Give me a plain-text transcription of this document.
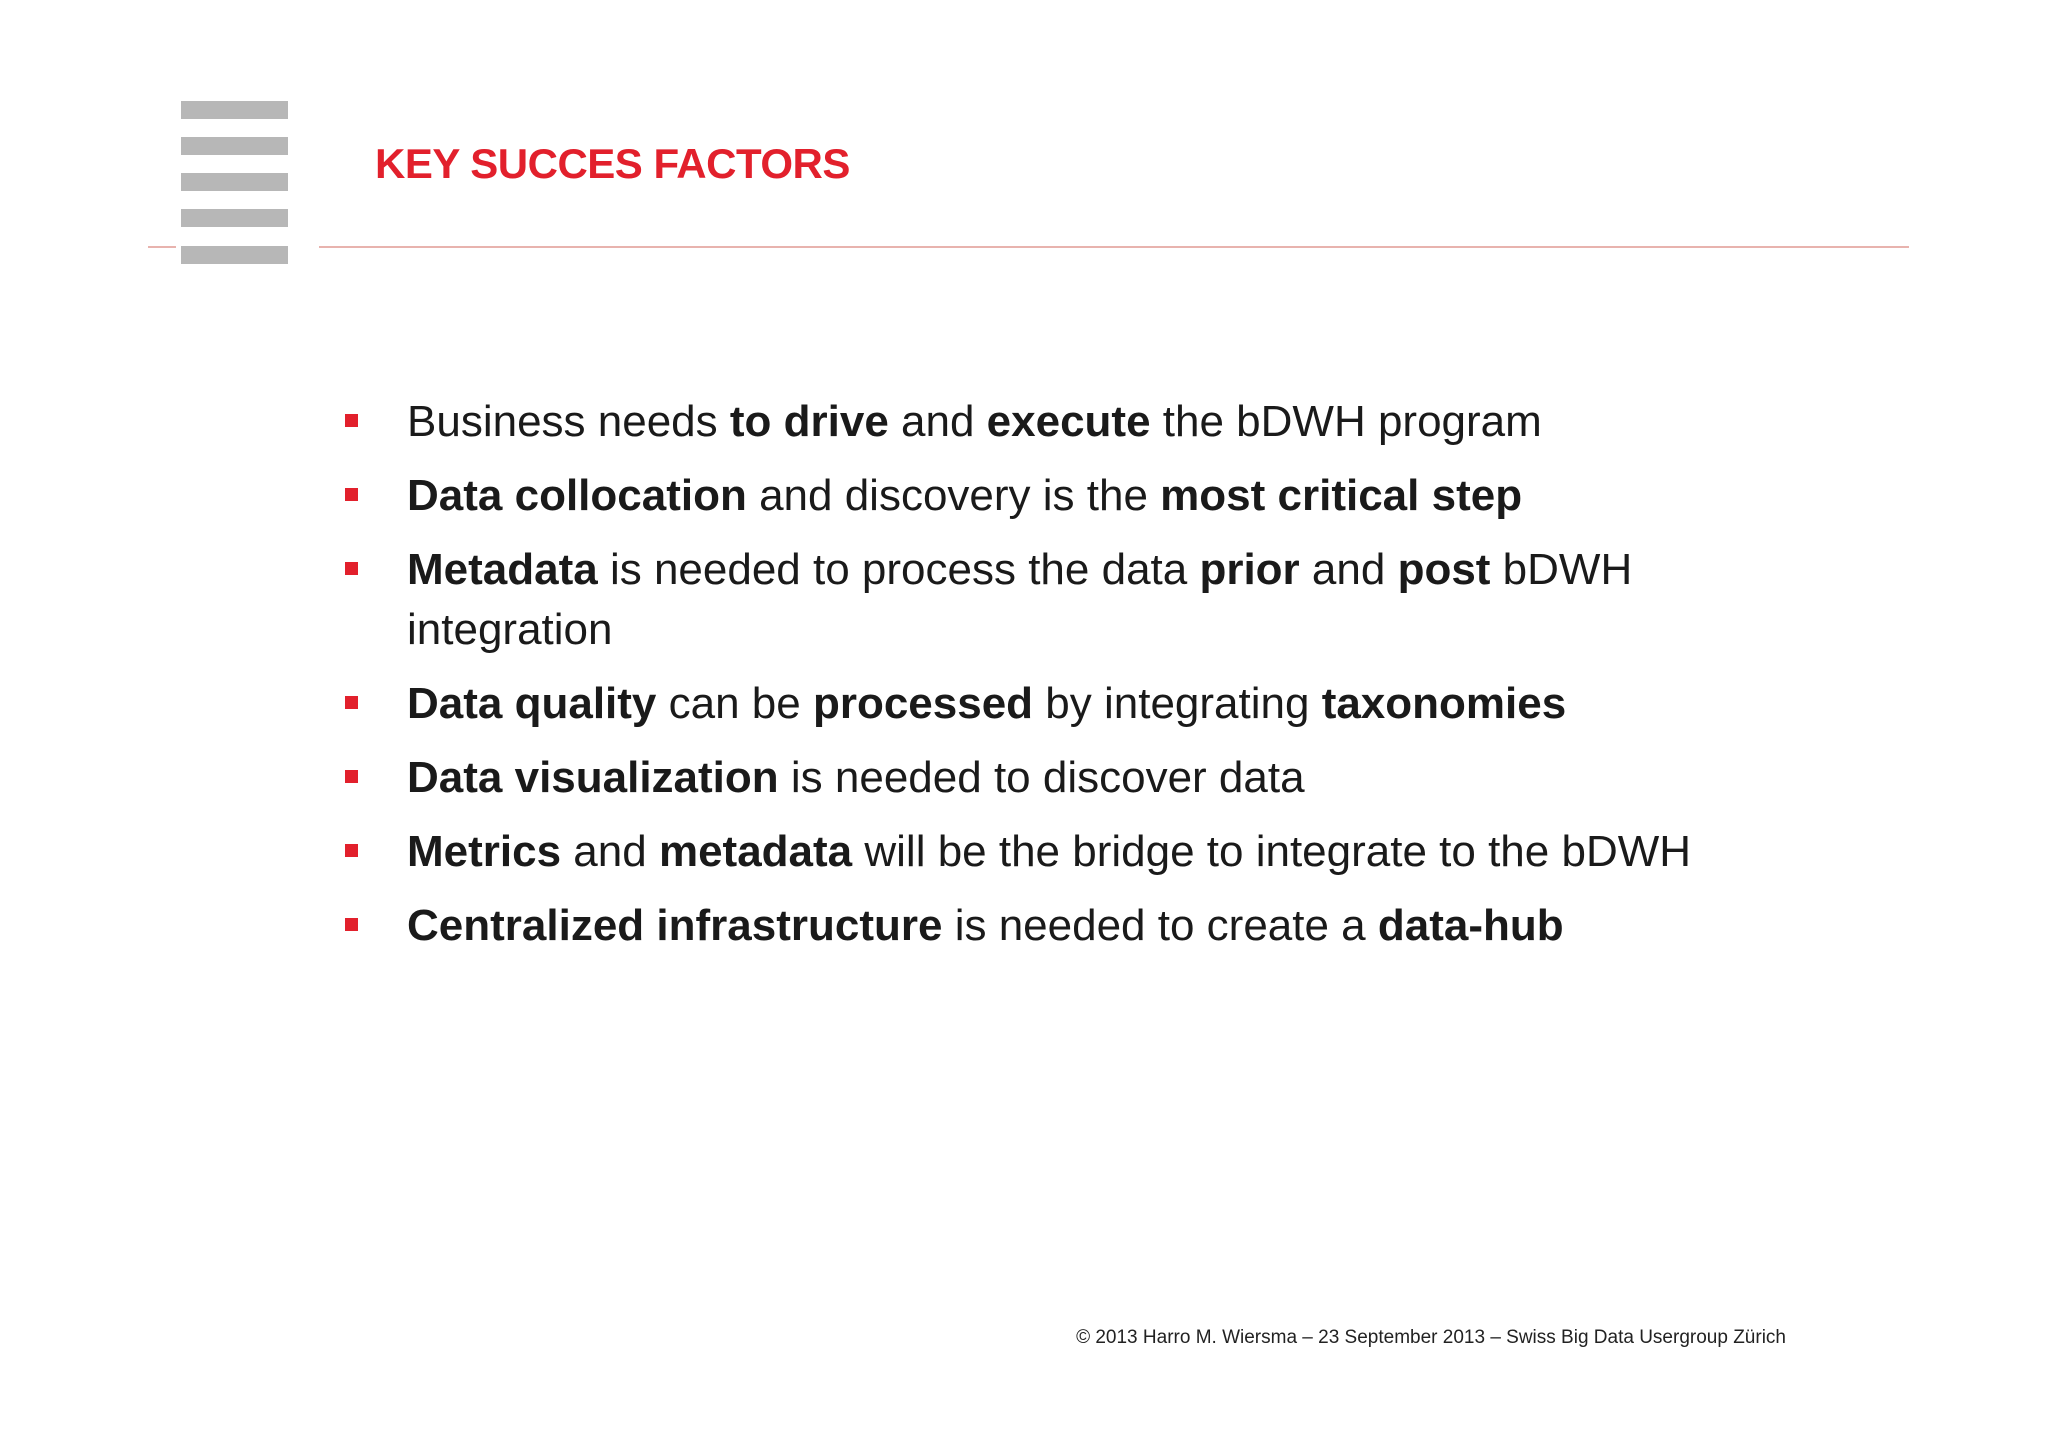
KEY SUCCES FACTORS
Business needs to drive and execute the bDWH program
Data collocation and discovery is the most critical step
Metadata is needed to process the data prior and post bDWH integration
Data quality can be processed by integrating taxonomies
Data visualization is needed to discover data
Metrics and metadata will be the bridge to integrate to the bDWH
Centralized infrastructure is needed to create a data-hub
© 2013 Harro M. Wiersma – 23 September 2013 – Swiss Big Data Usergroup Zürich
